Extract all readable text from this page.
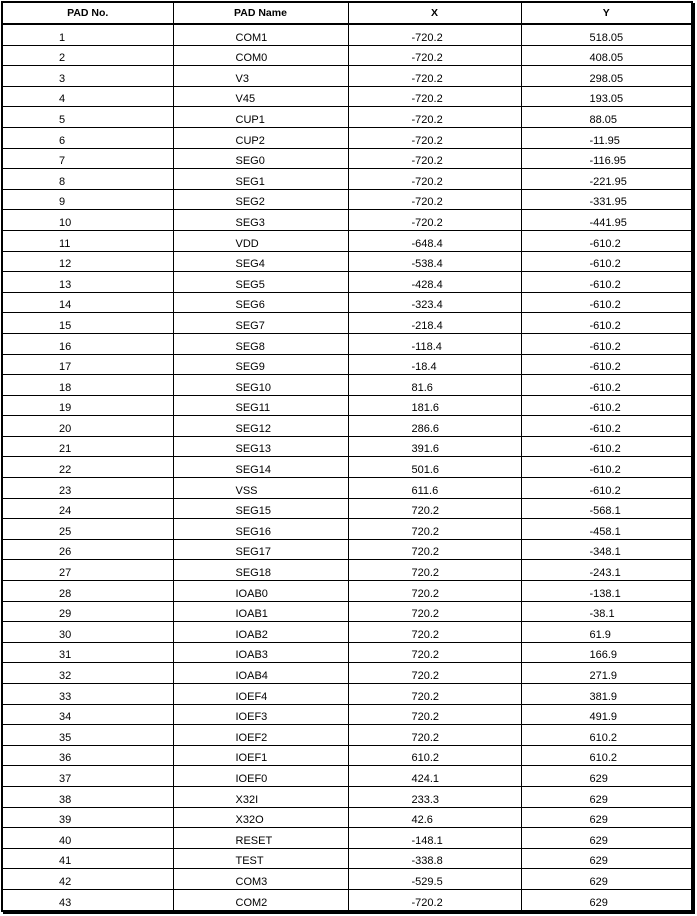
PAD No.	PAD Name	X	Y
1	COM1	-720.2	518.05
2	COM0	-720.2	408.05
3	V3	-720.2	298.05
4	V45	-720.2	193.05
5	CUP1	-720.2	88.05
6	CUP2	-720.2	-11.95
7	SEG0	-720.2	-116.95
8	SEG1	-720.2	-221.95
9	SEG2	-720.2	-331.95
10	SEG3	-720.2	-441.95
11	VDD	-648.4	-610.2
12	SEG4	-538.4	-610.2
13	SEG5	-428.4	-610.2
14	SEG6	-323.4	-610.2
15	SEG7	-218.4	-610.2
16	SEG8	-118.4	-610.2
17	SEG9	-18.4	-610.2
18	SEG10	81.6	-610.2
19	SEG11	181.6	-610.2
20	SEG12	286.6	-610.2
21	SEG13	391.6	-610.2
22	SEG14	501.6	-610.2
23	VSS	611.6	-610.2
24	SEG15	720.2	-568.1
25	SEG16	720.2	-458.1
26	SEG17	720.2	-348.1
27	SEG18	720.2	-243.1
28	IOAB0	720.2	-138.1
29	IOAB1	720.2	-38.1
30	IOAB2	720.2	61.9
31	IOAB3	720.2	166.9
32	IOAB4	720.2	271.9
33	IOEF4	720.2	381.9
34	IOEF3	720.2	491.9
35	IOEF2	720.2	610.2
36	IOEF1	610.2	610.2
37	IOEF0	424.1	629
38	X32I	233.3	629
39	X32O	42.6	629
40	RESET	-148.1	629
41	TEST	-338.8	629
42	COM3	-529.5	629
43	COM2	-720.2	629
